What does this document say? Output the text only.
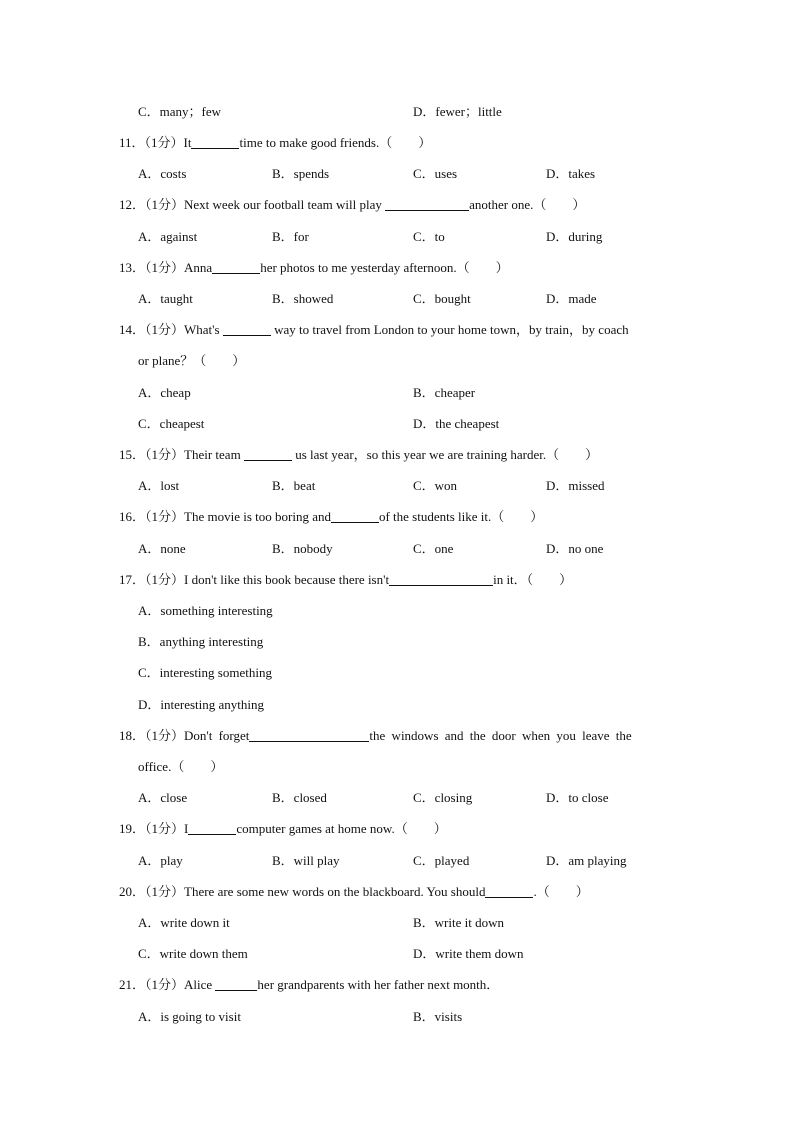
C．many；few	D．fewer；little
11．（1分）It	time to make good friends.（　　）
A．costs	B．spends	C．uses	D．takes
12．（1分）Next week our football team will play	another one.（　　）
A．against	B．for	C．to	D．during
13．（1分）Anna	her photos to me yesterday afternoon.（　　）
A．taught	B．showed	C．bought	D．made
14．（1分）What's	way to travel from London to your home town，by train，by coach
or plane？（　　）
A．cheap	B．cheaper
C．cheapest	D．the cheapest
15．（1分）Their team	us last year，so this year we are training harder.（　　）
A．lost	B．beat	C．won	D．missed
16．（1分）The movie is too boring and	of the students like it.（　　）
A．none	B．nobody	C．one	D．no one
17．（1分）I don't like this book because there isn't	in it．（　　）
A．something interesting
B．anything interesting
C．interesting something
D．interesting anything
18．（1分）Don't forget	the windows and the door when you leave the
office.（　　）
A．close	B．closed	C．closing	D．to close
19．（1分）I	computer games at home now.（　　）
A．play	B．will play	C．played	D．am playing
20．（1分）There are some new words on the blackboard. You should	.（　　）
A．write down it	B．write it down
C．write down them	D．write them down
21．（1分）Alice	her grandparents with her father next month．
A．is going to visit	B．visits
